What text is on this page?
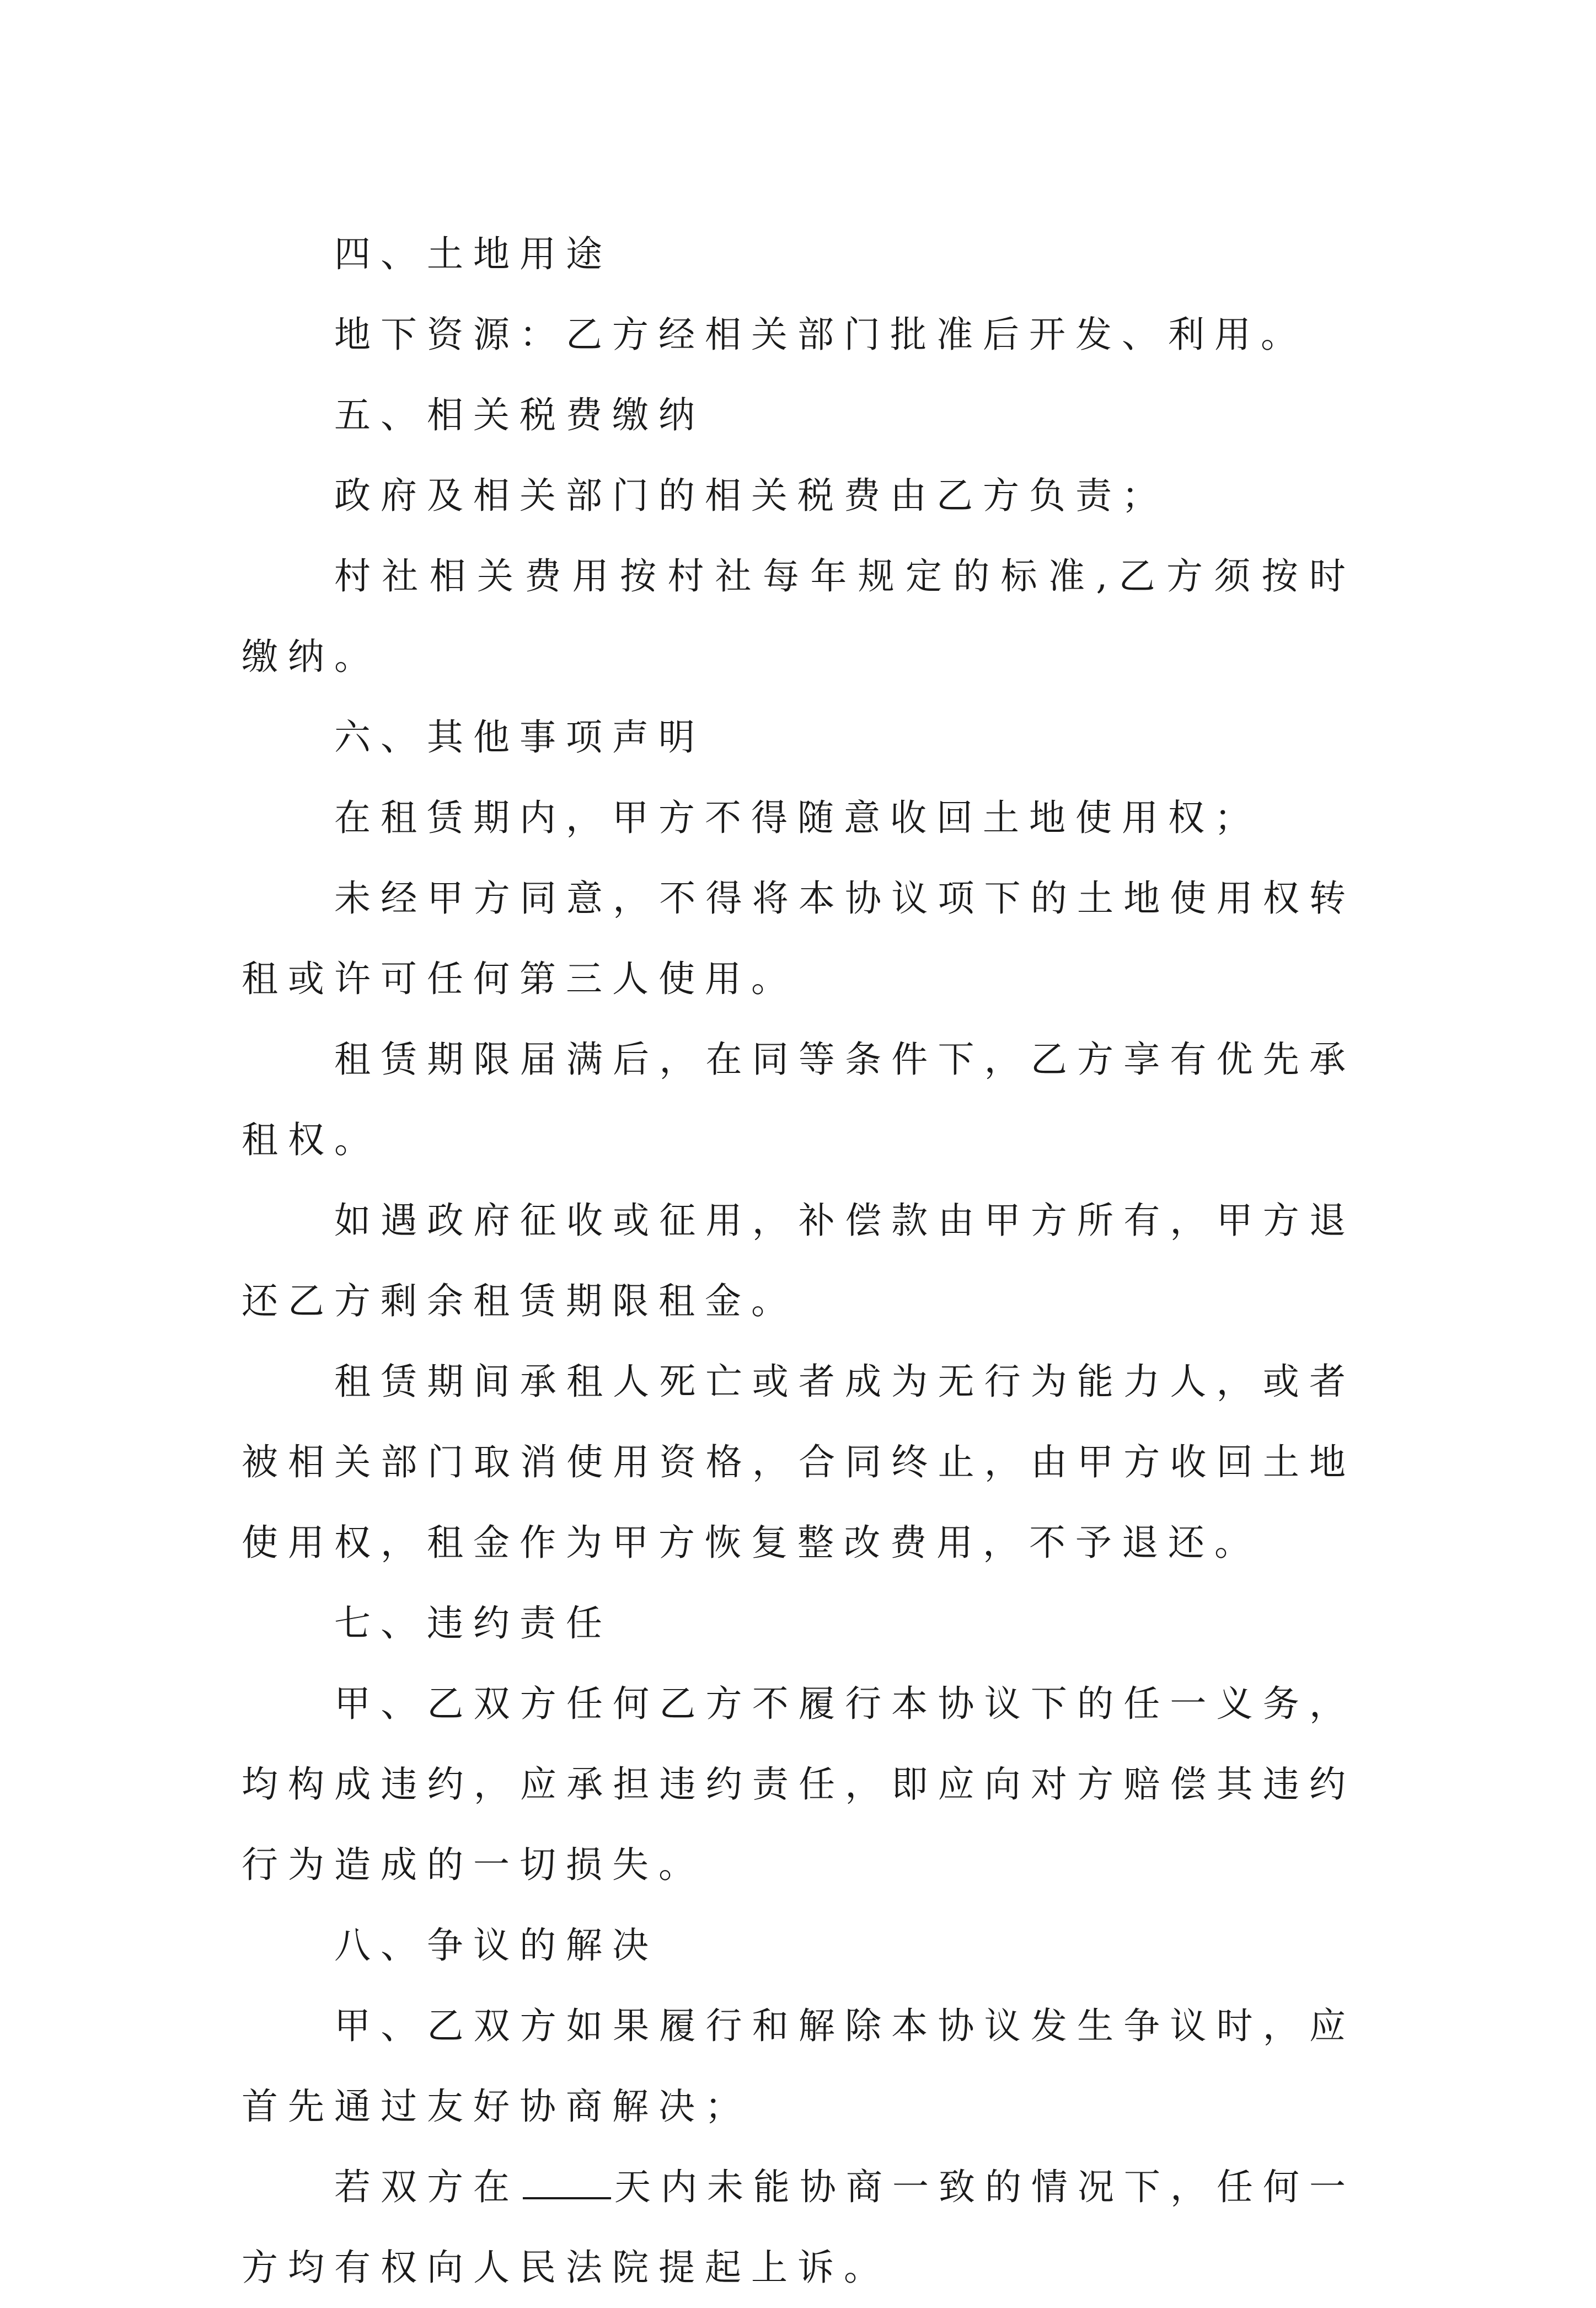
四、土地用途

地下资源：乙方经相关部门批准后开发、利用。

五、相关税费缴纳

政府及相关部门的相关税费由乙方负责；

村社相关费用按村社每年规定的标准,乙方须按时缴纳。

六、其他事项声明

在租赁期内，甲方不得随意收回土地使用权；

未经甲方同意，不得将本协议项下的土地使用权转租或许可任何第三人使用。

租赁期限届满后，在同等条件下，乙方享有优先承租权。

如遇政府征收或征用，补偿款由甲方所有，甲方退还乙方剩余租赁期限租金。

租赁期间承租人死亡或者成为无行为能力人，或者被相关部门取消使用资格，合同终止，由甲方收回土地使用权，租金作为甲方恢复整改费用，不予退还。

七、违约责任

甲、乙双方任何乙方不履行本协议下的任一义务，均构成违约，应承担违约责任，即应向对方赔偿其违约行为造成的一切损失。

八、争议的解决

甲、乙双方如果履行和解除本协议发生争议时，应首先通过友好协商解决；

若双方在	天内未能协商一致的情况下，任何一方均有权向人民法院提起上诉。
